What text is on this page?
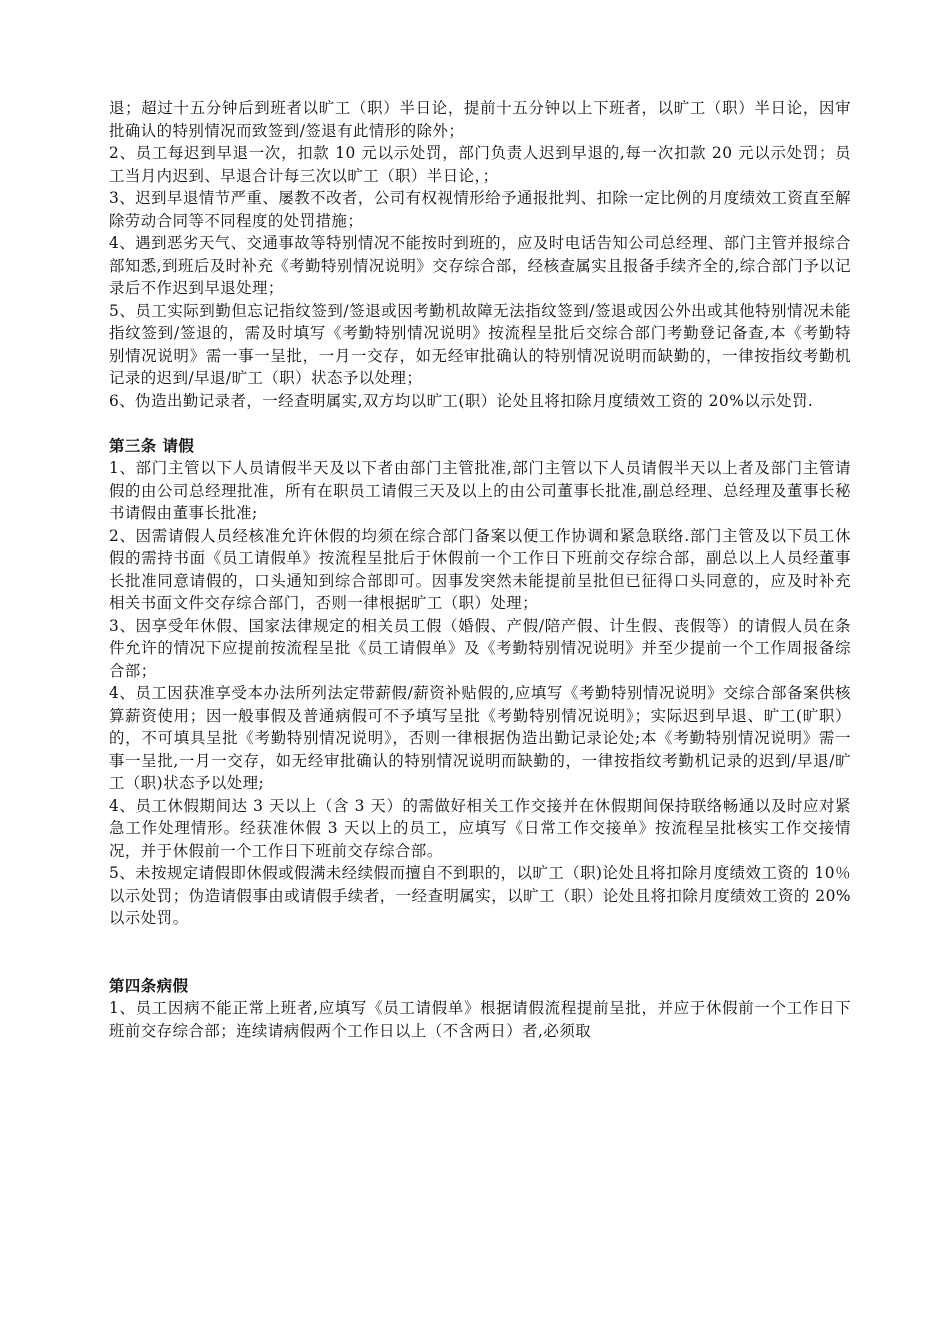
退；超过十五分钟后到班者以旷工（职）半日论，提前十五分钟以上下班者，以旷工（职）半日论，因审批确认的特别情况而致签到/签退有此情形的除外；

2、员工每迟到早退一次，扣款 10 元以示处罚，部门负责人迟到早退的,每一次扣款 20 元以示处罚；员工当月内迟到、早退合计每三次以旷工（职）半日论，；

3、迟到早退情节严重、屡教不改者，公司有权视情形给予通报批判、扣除一定比例的月度绩效工资直至解除劳动合同等不同程度的处罚措施；

4、遇到恶劣天气、交通事故等特别情况不能按时到班的，应及时电话告知公司总经理、部门主管并报综合部知悉,到班后及时补充《考勤特别情况说明》交存综合部，经核查属实且报备手续齐全的,综合部门予以记录后不作迟到早退处理；

5、员工实际到勤但忘记指纹签到/签退或因考勤机故障无法指纹签到/签退或因公外出或其他特别情况未能指纹签到/签退的，需及时填写《考勤特别情况说明》按流程呈批后交综合部门考勤登记备查,本《考勤特别情况说明》需一事一呈批，一月一交存，如无经审批确认的特别情况说明而缺勤的，一律按指纹考勤机记录的迟到/早退/旷工（职）状态予以处理；

6、伪造出勤记录者，一经查明属实,双方均以旷工(职）论处且将扣除月度绩效工资的 20%以示处罚.

第三条 请假

1、部门主管以下人员请假半天及以下者由部门主管批准,部门主管以下人员请假半天以上者及部门主管请假的由公司总经理批准，所有在职员工请假三天及以上的由公司董事长批准,副总经理、总经理及董事长秘书请假由董事长批准;

2、因需请假人员经核准允许休假的均须在综合部门备案以便工作协调和紧急联络.部门主管及以下员工休假的需持书面《员工请假单》按流程呈批后于休假前一个工作日下班前交存综合部，副总以上人员经董事长批准同意请假的，口头通知到综合部即可。因事发突然未能提前呈批但已征得口头同意的，应及时补充相关书面文件交存综合部门，否则一律根据旷工（职）处理；

3、因享受年休假、国家法律规定的相关员工假（婚假、产假/陪产假、计生假、丧假等）的请假人员在条件允许的情况下应提前按流程呈批《员工请假单》及《考勤特别情况说明》并至少提前一个工作周报备综合部；

4、员工因获准享受本办法所列法定带薪假/薪资补贴假的,应填写《考勤特别情况说明》交综合部备案供核算薪资使用；因一般事假及普通病假可不予填写呈批《考勤特别情况说明》；实际迟到早退、旷工(旷职）的，不可填具呈批《考勤特别情况说明》，否则一律根据伪造出勤记录论处;本《考勤特别情况说明》需一事一呈批,一月一交存，如无经审批确认的特别情况说明而缺勤的，一律按指纹考勤机记录的迟到/早退/旷工（职)状态予以处理;

4、员工休假期间达 3 天以上（含 3 天）的需做好相关工作交接并在休假期间保持联络畅通以及时应对紧急工作处理情形。经获准休假 3 天以上的员工，应填写《日常工作交接单》按流程呈批核实工作交接情况，并于休假前一个工作日下班前交存综合部。

5、未按规定请假即休假或假满未经续假而擅自不到职的，以旷工（职)论处且将扣除月度绩效工资的 10％以示处罚；伪造请假事由或请假手续者，一经查明属实，以旷工（职）论处且将扣除月度绩效工资的 20%以示处罚。

第四条病假

1、员工因病不能正常上班者,应填写《员工请假单》根据请假流程提前呈批，并应于休假前一个工作日下班前交存综合部；连续请病假两个工作日以上（不含两日）者,必须取
